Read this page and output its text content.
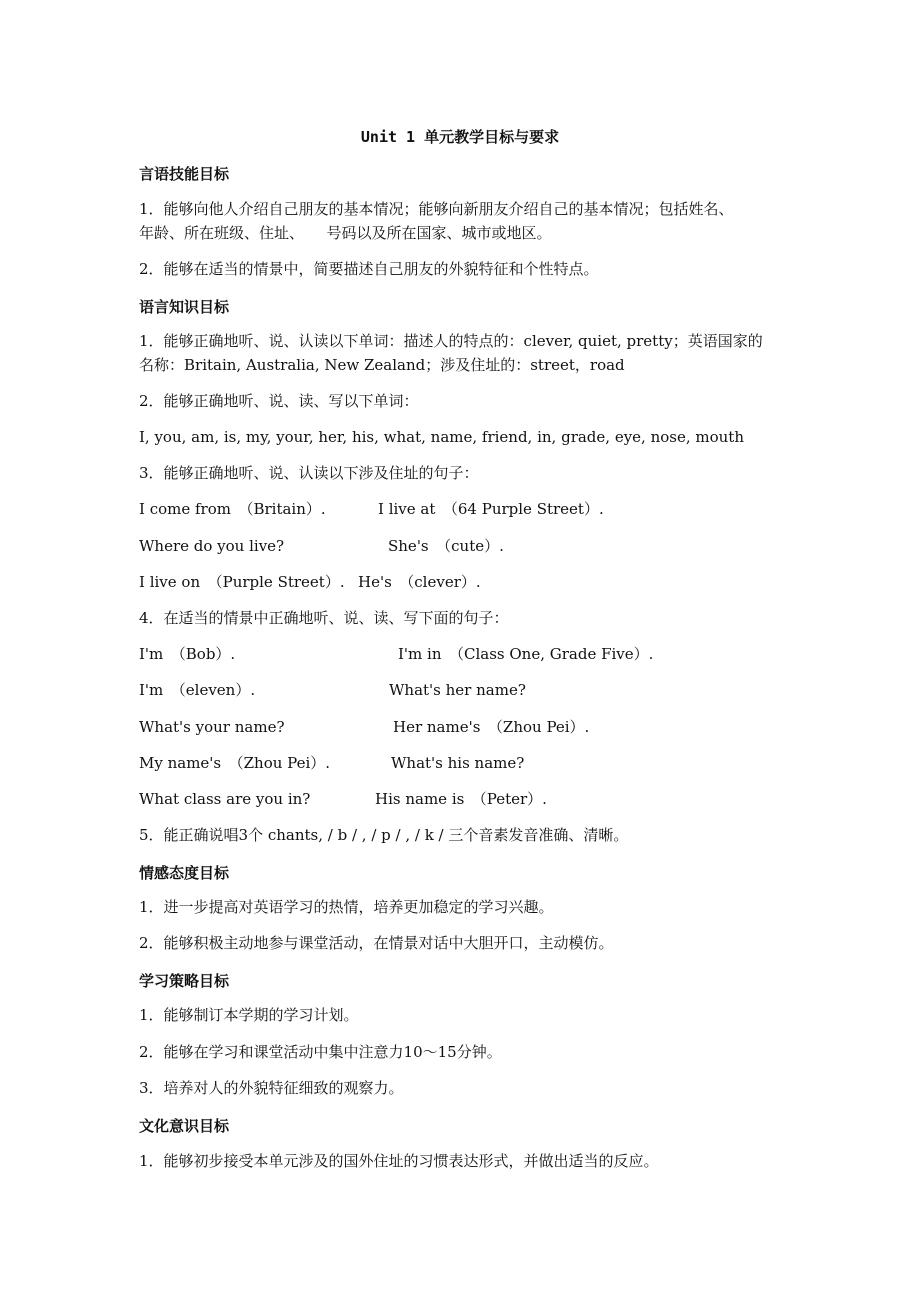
Unit 1 单元教学目标与要求
言语技能目标
1．能够向他人介绍自己朋友的基本情况；能够向新朋友介绍自己的基本情况；包括姓名、
年龄、所在班级、住址、　　号码以及所在国家、城市或地区。
2．能够在适当的情景中，简要描述自己朋友的外貌特征和个性特点。
语言知识目标
1．能够正确地听、说、认读以下单词：描述人的特点的：clever, quiet, pretty；英语国家的
名称：Britain, Australia, New Zealand；涉及住址的：street，road
2．能够正确地听、说、读、写以下单词：
I, you, am, is, my, your, her, his, what, name, friend, in, grade, eye, nose, mouth
3．能够正确地听、说、认读以下涉及住址的句子：
I come from　（Britain）.	I live at　（64 Purple Street）.
Where do you live?	She's　（cute）.
I live on　（Purple Street）. He's　（clever）.
4．在适当的情景中正确地听、说、读、写下面的句子：
I'm　（Bob）.	I'm in　（Class One, Grade Five）.
I'm　（eleven）.	What's her name?
What's your name?	Her name's　（Zhou Pei）.
My name's　（Zhou Pei）.	What's his name?
What class are you in?	His name is　（Peter）.
5．能正确说唱3个 chants, / b / , / p / , / k / 三个音素发音准确、清晰。
情感态度目标
1．进一步提高对英语学习的热情，培养更加稳定的学习兴趣。
2．能够积极主动地参与课堂活动，在情景对话中大胆开口，主动模仿。
学习策略目标
1．能够制订本学期的学习计划。
2．能够在学习和课堂活动中集中注意力10～15分钟。
3．培养对人的外貌特征细致的观察力。
文化意识目标
1．能够初步接受本单元涉及的国外住址的习惯表达形式，并做出适当的反应。
